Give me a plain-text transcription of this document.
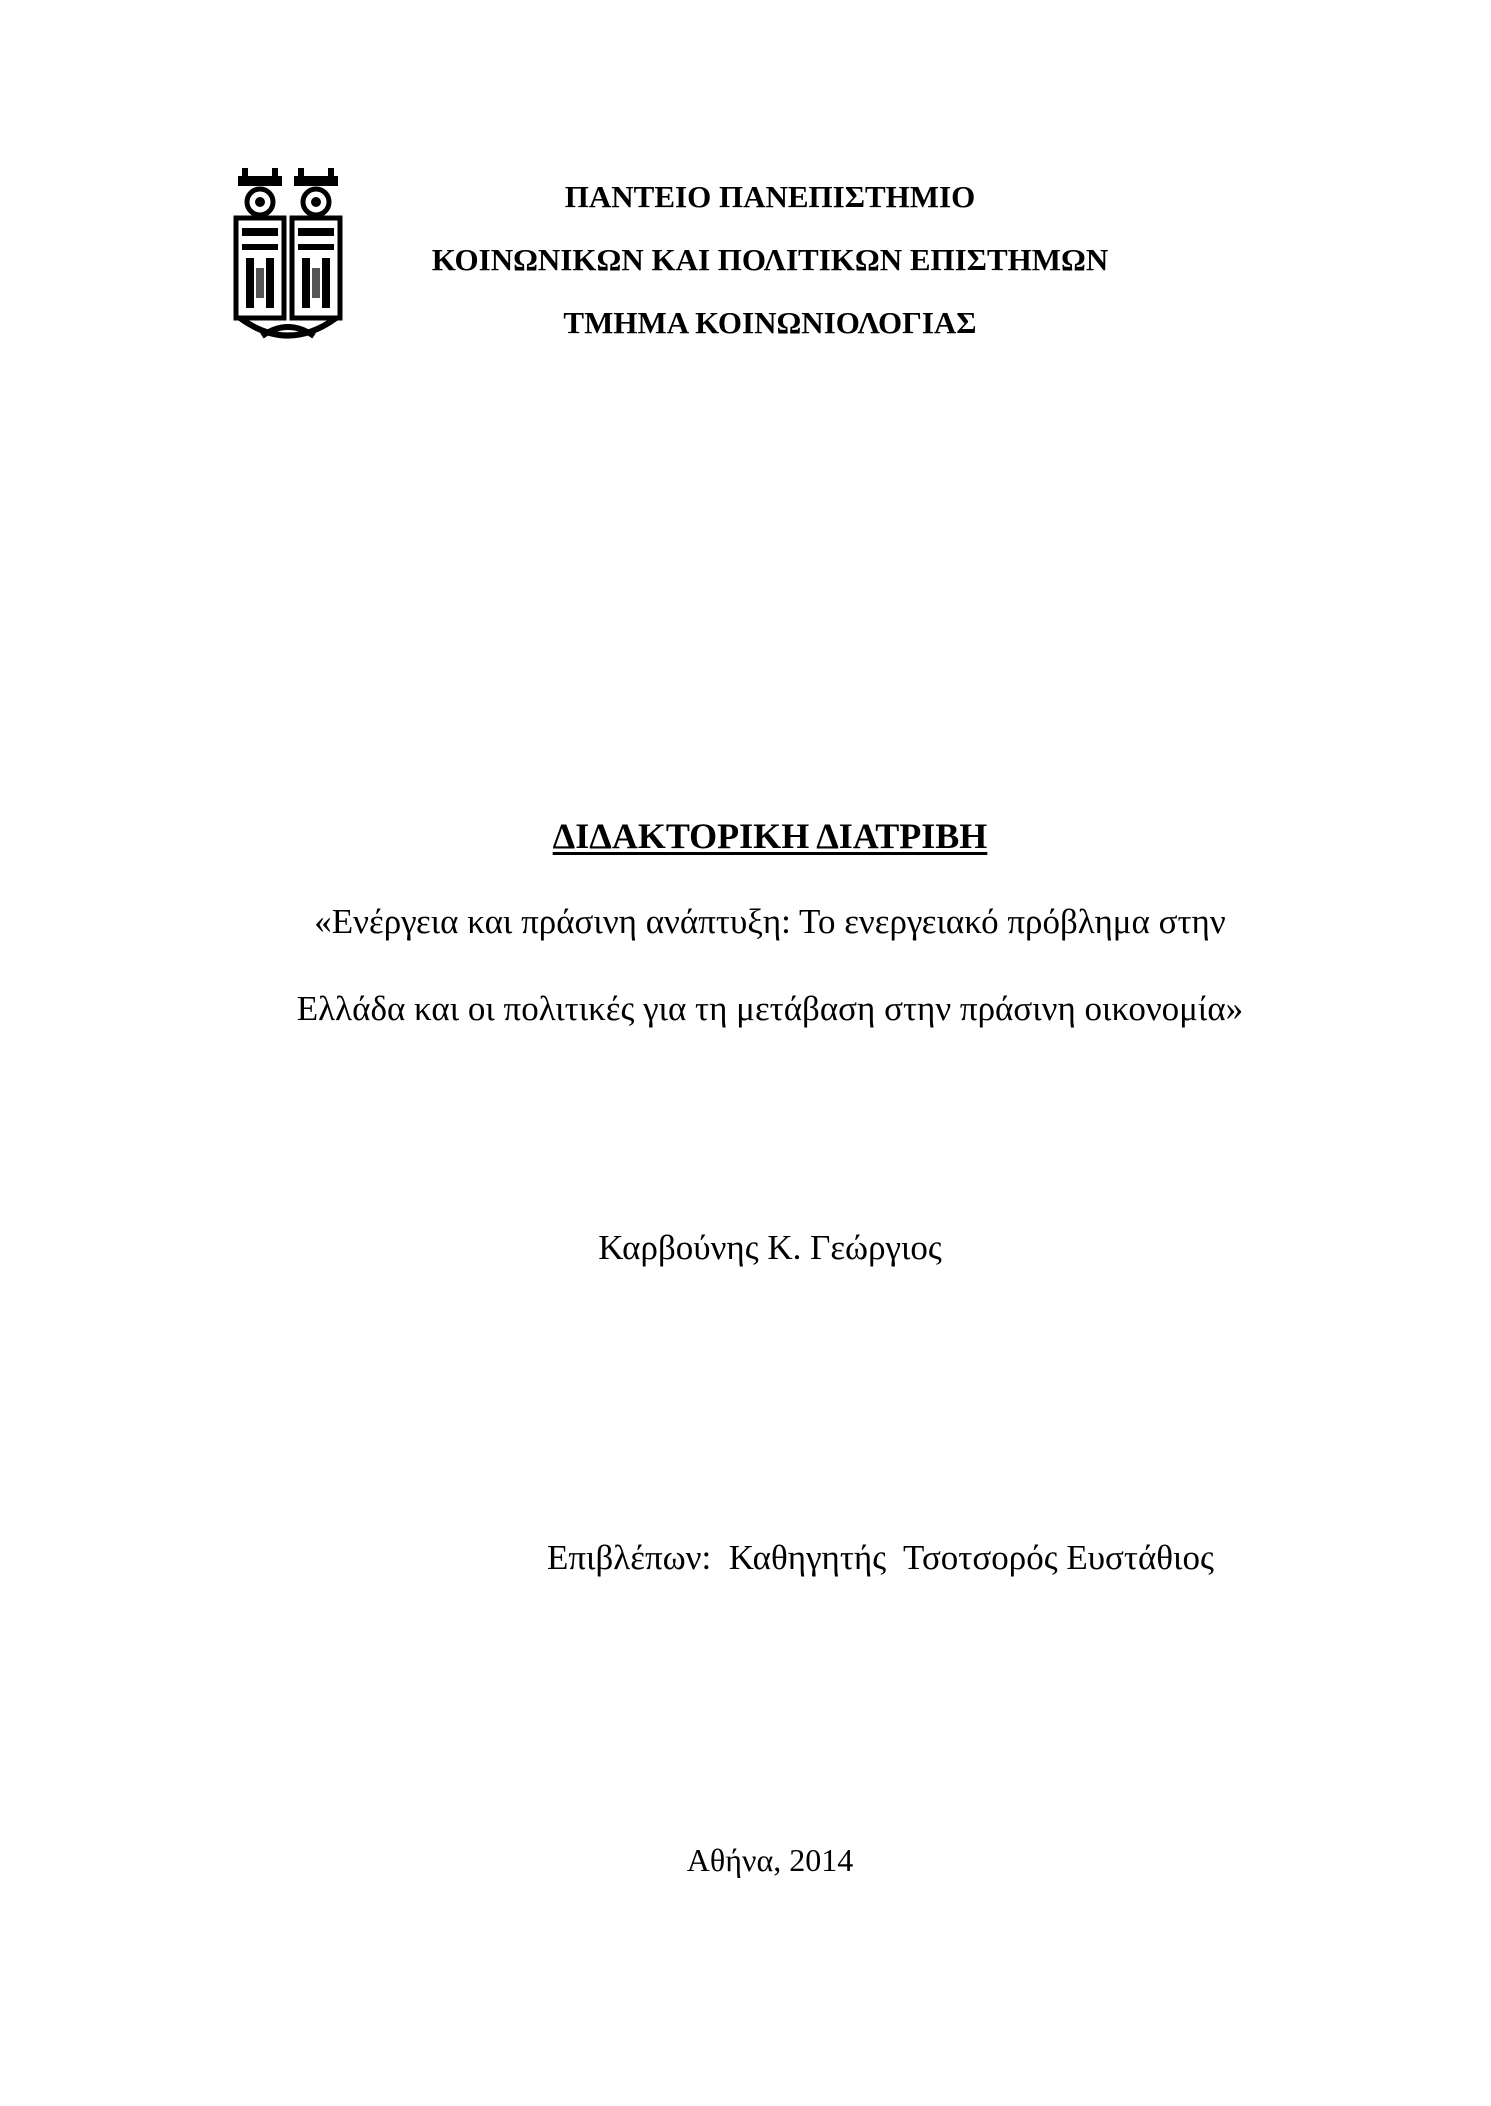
ΠΑΝΤΕΙΟ ΠΑΝΕΠΙΣΤΗΜΙΟ
ΚΟΙΝΩΝΙΚΩΝ ΚΑΙ ΠΟΛΙΤΙΚΩΝ ΕΠΙΣΤΗΜΩΝ
ΤΜΗΜΑ ΚΟΙΝΩΝΙΟΛΟΓΙΑΣ
ΔΙΔΑΚΤΟΡΙΚΗ ΔΙΑΤΡΙΒΗ
«Ενέργεια και πράσινη ανάπτυξη: Το ενεργειακό πρόβλημα στην
Ελλάδα και οι πολιτικές για τη μετάβαση στην πράσινη οικονομία»
Καρβούνης Κ. Γεώργιος
Επιβλέπων: Καθηγητής Τσοτσορός Ευστάθιος
Αθήνα, 2014
